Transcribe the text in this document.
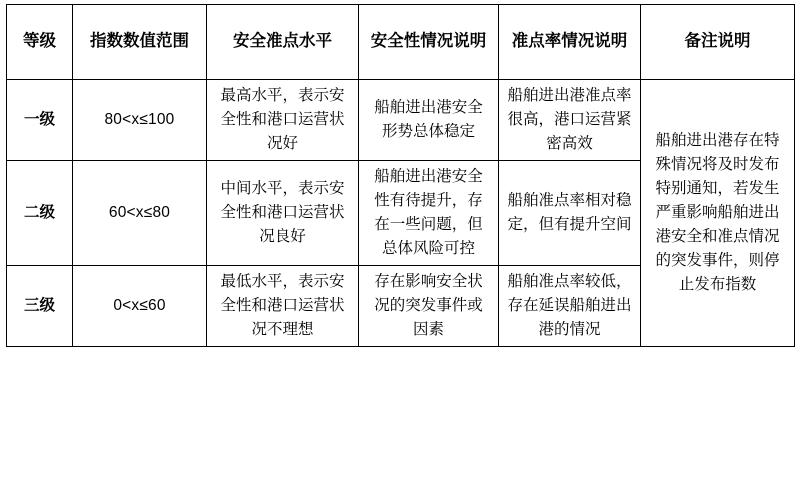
等级	指数数值范围	安全准点水平	安全性情况说明	准点率情况说明	备注说明
一级	80<x≤100	最高水平，表示安全性和港口运营状况好	船舶进出港安全形势总体稳定	船舶进出港准点率很高，港口运营紧密高效	船舶进出港存在特殊情况将及时发布特别通知，若发生严重影响船舶进出港安全和准点情况的突发事件，则停止发布指数
二级	60<x≤80	中间水平，表示安全性和港口运营状况良好	船舶进出港安全性有待提升，存在一些问题，但总体风险可控	船舶准点率相对稳定，但有提升空间	
三级	0<x≤60	最低水平，表示安全性和港口运营状况不理想	存在影响安全状况的突发事件或因素	船舶准点率较低，存在延误船舶进出港的情况	
